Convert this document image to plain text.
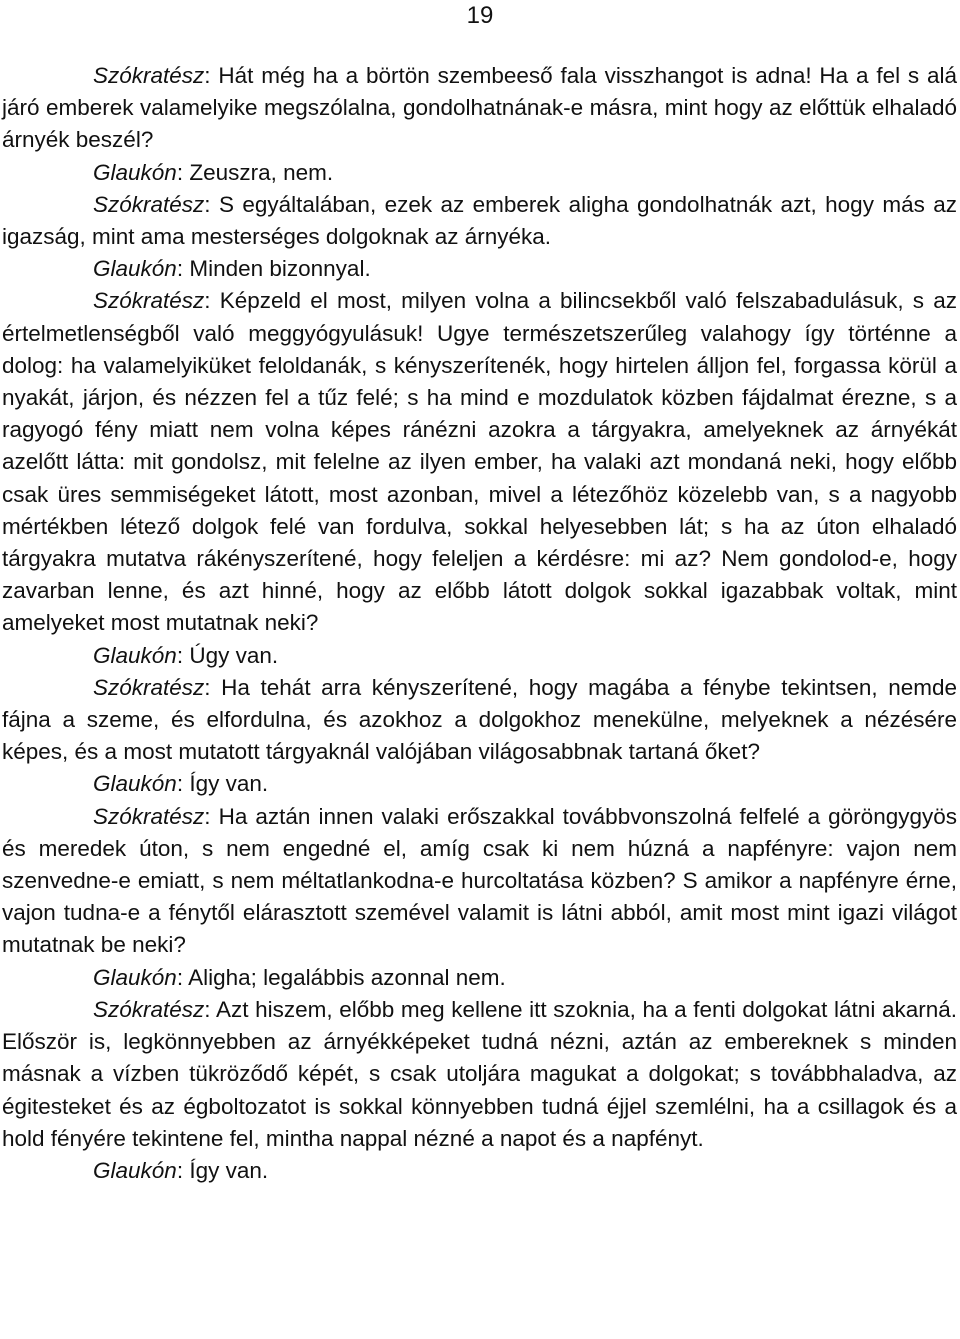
19

Szókratész: Hát még ha a börtön szembeeső fala visszhangot is adna! Ha a fel s alá járó emberek valamelyike megszólalna, gondolhatnának-e másra, mint hogy az előttük elhaladó árnyék beszél?

Glaukón: Zeuszra, nem.

Szókratész: S egyáltalában, ezek az emberek aligha gondolhatnák azt, hogy más az igazság, mint ama mesterséges dolgoknak az árnyéka.

Glaukón: Minden bizonnyal.

Szókratész: Képzeld el most, milyen volna a bilincsekből való felszabadulásuk, s az értelmetlenségből való meggyógyulásuk! Ugye természetszerűleg valahogy így történne a dolog: ha valamelyiküket feloldanák, s kényszerítenék, hogy hirtelen álljon fel, forgassa körül a nyakát, járjon, és nézzen fel a tűz felé; s ha mind e mozdulatok közben fájdalmat érezne, s a ragyogó fény miatt nem volna képes ránézni azokra a tárgyakra, amelyeknek az árnyékát azelőtt látta: mit gondolsz, mit felelne az ilyen ember, ha valaki azt mondaná neki, hogy előbb csak üres semmiségeket látott, most azonban, mivel a létezőhöz közelebb van, s a nagyobb mértékben létező dolgok felé van fordulva, sokkal helyesebben lát; s ha az úton elhaladó tárgyakra mutatva rákényszerítené, hogy feleljen a kérdésre: mi az? Nem gondolod-e, hogy zavarban lenne, és azt hinné, hogy az előbb látott dolgok sokkal igazabbak voltak, mint amelyeket most mutatnak neki?

Glaukón: Úgy van.

Szókratész: Ha tehát arra kényszerítené, hogy magába a fénybe tekintsen, nemde fájna a szeme, és elfordulna, és azokhoz a dolgokhoz menekülne, melyeknek a nézésére képes, és a most mutatott tárgyaknál valójában világosabbnak tartaná őket?

Glaukón: Így van.

Szókratész: Ha aztán innen valaki erőszakkal továbbvonszolná felfelé a göröngygyös és meredek úton, s nem engedné el, amíg csak ki nem húzná a napfényre: vajon nem szenvedne-e emiatt, s nem méltatlankodna-e hurcoltatása közben? S amikor a napfényre érne, vajon tudna-e a fénytől elárasztott szemével valamit is látni abból, amit most mint igazi világot mutatnak be neki?

Glaukón: Aligha; legalábbis azonnal nem.

Szókratész: Azt hiszem, előbb meg kellene itt szoknia, ha a fenti dolgokat látni akarná. Először is, legkönnyebben az árnyékképeket tudná nézni, aztán az embereknek s minden másnak a vízben tükröződő képét, s csak utoljára magukat a dolgokat; s továbbhaladva, az égitesteket és az égboltozatot is sokkal könnyebben tudná éjjel szemlélni, ha a csillagok és a hold fényére tekintene fel, mintha nappal nézné a napot és a napfényt.

Glaukón: Így van.
